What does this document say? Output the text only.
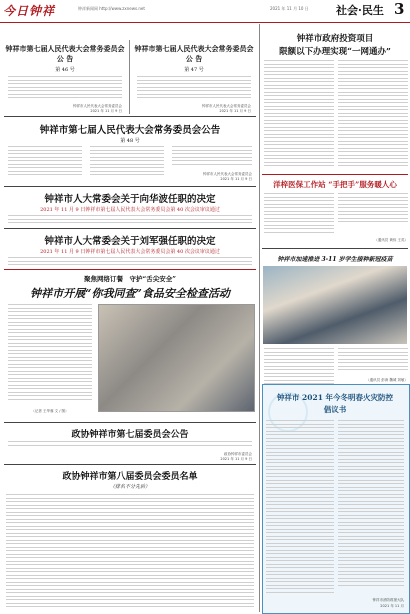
今日钟祥	钟祥新闻网 http://www.zxnews.net	2021 年 11 月 10 日 社会·民生 3
钟祥市第七届人民代表大会常务委员会
公 告
第 46 号
钟祥市人民代表大会常务委员会
2021 年 11 月 9 日
钟祥市第七届人民代表大会常务委员会
公 告
第 47 号
钟祥市人民代表大会常务委员会
2021 年 11 月 9 日
钟祥市第七届人民代表大会常务委员会公告
第 48 号
钟祥市人民代表大会常务委员会
2021 年 11 月 9 日
钟祥市人大常委会关于向华波任职的决定
2021 年 11 月 9 日钟祥市第七届人民代表大会常务委员会第 40 次会议审议通过
钟祥市人大常委会关于刘军强任职的决定
2021 年 11 月 9 日钟祥市第七届人民代表大会常务委员会第 40 次会议审议通过
聚焦网络订餐　守护“舌尖安全”
钟祥市开展“你我同查”食品安全检查活动
（记者 王华蓉 文 / 图）
政协钟祥市第七届委员会公告
政协钟祥市委员会
2021 年 11 月 9 日
政协钟祥市第八届委员会委员名单
（排名不分先后）
钟祥市政府投资项目
限额以下办理实现“一网通办”
洋梓医保工作站 “手把手”服务暖人心
（通讯员 黄伟 王英）
钟祥市加速推进 3-11 岁学生接种新冠疫苗
（通讯员 彭涛 魏城 刘敏）
钟祥市 2021 年今冬明春火灾防控
倡议书
钟祥市消防救援大队
2021 年 11 月
